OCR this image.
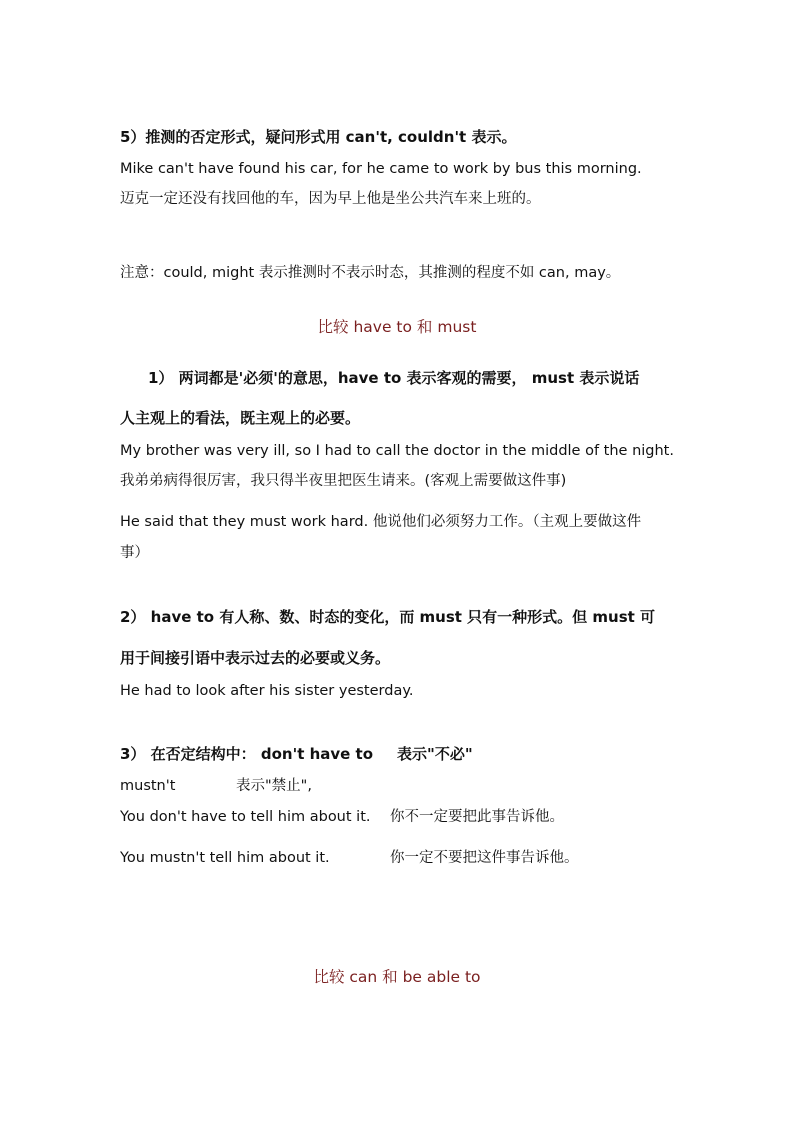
5）推测的否定形式，疑问形式用 can't, couldn't 表示。
Mike can't have found his car, for he came to work by bus this morning.
迈克一定还没有找回他的车，因为早上他是坐公共汽车来上班的。
注意：could, might 表示推测时不表示时态，其推测的程度不如 can, may。
比较 have to 和 must
1） 两词都是'必须'的意思，have to 表示客观的需要， must 表示说话
人主观上的看法，既主观上的必要。
My brother was very ill, so I had to call the doctor in the middle of the night.
我弟弟病得很厉害，我只得半夜里把医生请来。(客观上需要做这件事)
He said that they must work hard. 他说他们必须努力工作。（主观上要做这件
事）
2） have to 有人称、数、时态的变化，而 must 只有一种形式。但 must 可
用于间接引语中表示过去的必要或义务。
He had to look after his sister yesterday.
3） 在否定结构中： don't have to 表示"不必"
mustn't	表示"禁止",
You don't have to tell him about it. 你不一定要把此事告诉他。
You mustn't tell him about it.	你一定不要把这件事告诉他。
比较 can 和 be able to
